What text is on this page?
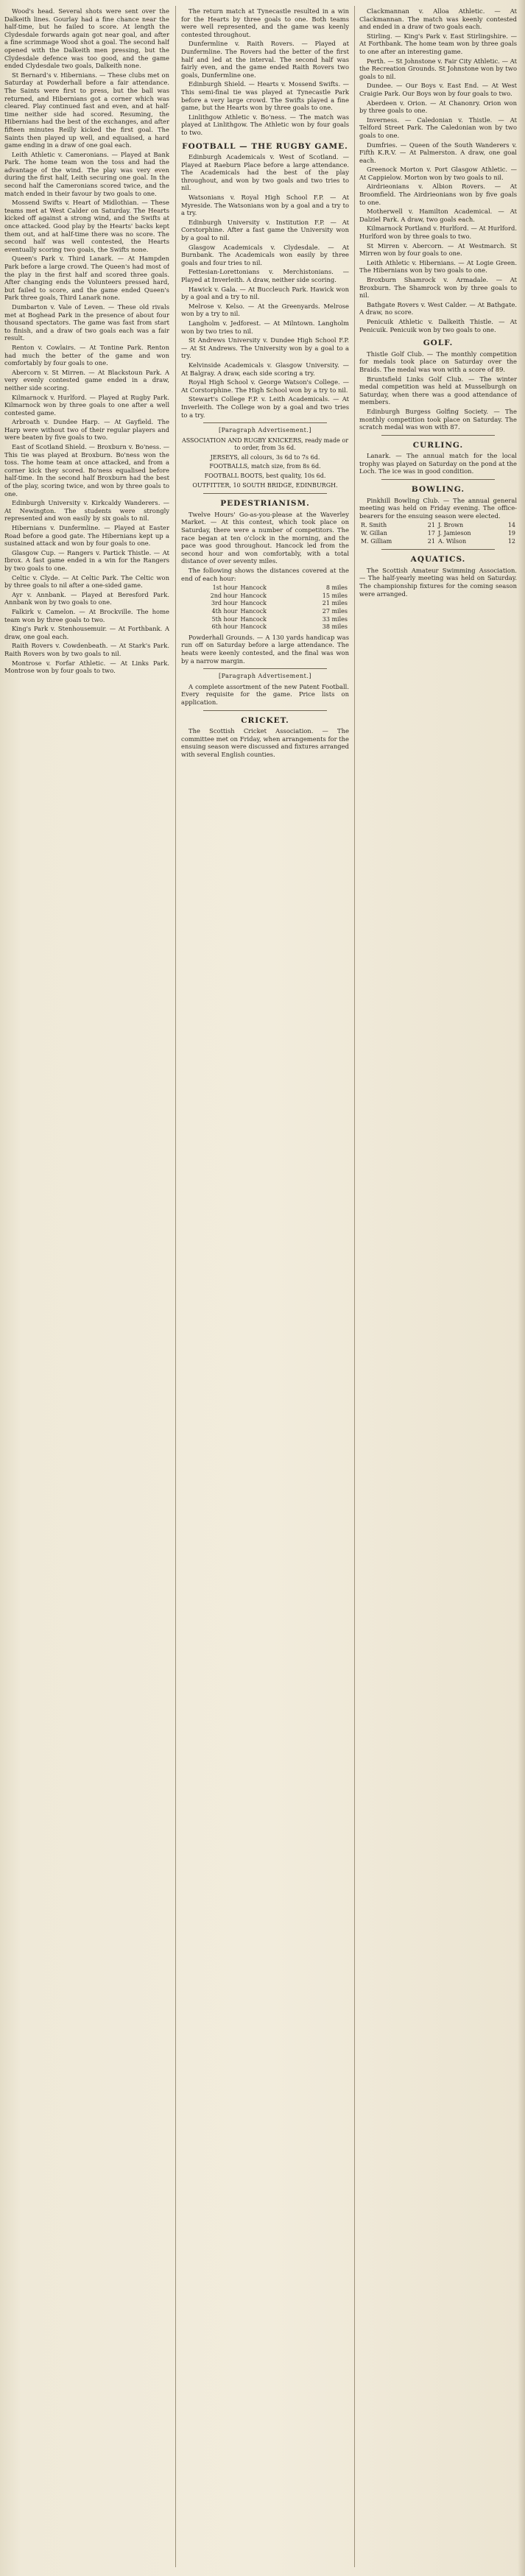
Wood's head. Several shots were sent over the Dalkeith lines. Gourlay had a fine chance near the half-time, but he failed to score. At length the Clydesdale forwards again got near goal, and after a fine scrimmage Wood shot a goal. The second half opened with the Dalkeith men pressing, but the Clydesdale defence was too good, and the game ended Clydesdale two goals, Dalkeith none.

St Bernard's v. Hibernians. — These clubs met on Saturday at Powderhall before a fair attendance. The Saints were first to press, but the ball was returned, and Hibernians got a corner which was cleared. Play continued fast and even, and at half-time neither side had scored. Resuming, the Hibernians had the best of the exchanges, and after fifteen minutes Reilly kicked the first goal. The Saints then played up well, and equalised, a hard game ending in a draw of one goal each.

Leith Athletic v. Cameronians. — Played at Bank Park. The home team won the toss and had the advantage of the wind. The play was very even during the first half, Leith securing one goal. In the second half the Cameronians scored twice, and the match ended in their favour by two goals to one.

Mossend Swifts v. Heart of Midlothian. — These teams met at West Calder on Saturday. The Hearts kicked off against a strong wind, and the Swifts at once attacked. Good play by the Hearts' backs kept them out, and at half-time there was no score. The second half was well contested, the Hearts eventually scoring two goals, the Swifts none.

Queen's Park v. Third Lanark. — At Hampden Park before a large crowd. The Queen's had most of the play in the first half and scored three goals. After changing ends the Volunteers pressed hard, but failed to score, and the game ended Queen's Park three goals, Third Lanark none.

Dumbarton v. Vale of Leven. — These old rivals met at Boghead Park in the presence of about four thousand spectators. The game was fast from start to finish, and a draw of two goals each was a fair result.

Renton v. Cowlairs. — At Tontine Park. Renton had much the better of the game and won comfortably by four goals to one.

Abercorn v. St Mirren. — At Blackstoun Park. A very evenly contested game ended in a draw, neither side scoring.

Kilmarnock v. Hurlford. — Played at Rugby Park. Kilmarnock won by three goals to one after a well contested game.

Arbroath v. Dundee Harp. — At Gayfield. The Harp were without two of their regular players and were beaten by five goals to two.

East of Scotland Shield. — Broxburn v. Bo'ness. — This tie was played at Broxburn. Bo'ness won the toss. The home team at once attacked, and from a corner kick they scored. Bo'ness equalised before half-time. In the second half Broxburn had the best of the play, scoring twice, and won by three goals to one.

Edinburgh University v. Kirkcaldy Wanderers. — At Newington. The students were strongly represented and won easily by six goals to nil.

Hibernians v. Dunfermline. — Played at Easter Road before a good gate. The Hibernians kept up a sustained attack and won by four goals to one.

Glasgow Cup. — Rangers v. Partick Thistle. — At Ibrox. A fast game ended in a win for the Rangers by two goals to one.

Celtic v. Clyde. — At Celtic Park. The Celtic won by three goals to nil after a one-sided game.

Ayr v. Annbank. — Played at Beresford Park. Annbank won by two goals to one.

Falkirk v. Camelon. — At Brockville. The home team won by three goals to two.

King's Park v. Stenhousemuir. — At Forthbank. A draw, one goal each.

Raith Rovers v. Cowdenbeath. — At Stark's Park. Raith Rovers won by two goals to nil.

Montrose v. Forfar Athletic. — At Links Park. Montrose won by four goals to two.

The return match at Tynecastle resulted in a win for the Hearts by three goals to one. Both teams were well represented, and the game was keenly contested throughout.

Dunfermline v. Raith Rovers. — Played at Dunfermline. The Rovers had the better of the first half and led at the interval. The second half was fairly even, and the game ended Raith Rovers two goals, Dunfermline one.

Edinburgh Shield. — Hearts v. Mossend Swifts. — This semi-final tie was played at Tynecastle Park before a very large crowd. The Swifts played a fine game, but the Hearts won by three goals to one.

Linlithgow Athletic v. Bo'ness. — The match was played at Linlithgow. The Athletic won by four goals to two.

FOOTBALL — THE RUGBY GAME.

Edinburgh Academicals v. West of Scotland. — Played at Raeburn Place before a large attendance. The Academicals had the best of the play throughout, and won by two goals and two tries to nil.

Watsonians v. Royal High School F.P. — At Myreside. The Watsonians won by a goal and a try to a try.

Edinburgh University v. Institution F.P. — At Corstorphine. After a fast game the University won by a goal to nil.

Glasgow Academicals v. Clydesdale. — At Burnbank. The Academicals won easily by three goals and four tries to nil.

Fettesian-Lorettonians v. Merchistonians. — Played at Inverleith. A draw, neither side scoring.

Hawick v. Gala. — At Buccleuch Park. Hawick won by a goal and a try to nil.

Melrose v. Kelso. — At the Greenyards. Melrose won by a try to nil.

Langholm v. Jedforest. — At Milntown. Langholm won by two tries to nil.

St Andrews University v. Dundee High School F.P. — At St Andrews. The University won by a goal to a try.

Kelvinside Academicals v. Glasgow University. — At Balgray. A draw, each side scoring a try.

Royal High School v. George Watson's College. — At Corstorphine. The High School won by a try to nil.

Stewart's College F.P. v. Leith Academicals. — At Inverleith. The College won by a goal and two tries to a try.

[Paragraph Advertisement.]

ASSOCIATION AND RUGBY KNICKERS, ready made or to order, from 3s 6d.

JERSEYS, all colours, 3s 6d to 7s 6d.

FOOTBALLS, match size, from 8s 6d.

FOOTBALL BOOTS, best quality, 10s 6d.

OUTFITTER, 10 SOUTH BRIDGE, EDINBURGH.

PEDESTRIANISM.

Twelve Hours' Go-as-you-please at the Waverley Market. — At this contest, which took place on Saturday, there were a number of competitors. The race began at ten o'clock in the morning, and the pace was good throughout. Hancock led from the second hour and won comfortably, with a total distance of over seventy miles.

The following shows the distances covered at the end of each hour:

1st hour	Hancock	8 miles
2nd hour	Hancock	15 miles
3rd hour	Hancock	21 miles
4th hour	Hancock	27 miles
5th hour	Hancock	33 miles
6th hour	Hancock	38 miles

Powderhall Grounds. — A 130 yards handicap was run off on Saturday before a large attendance. The heats were keenly contested, and the final was won by a narrow margin.

[Paragraph Advertisement.]

A complete assortment of the new Patent Football. Every requisite for the game. Price lists on application.

CRICKET.

The Scottish Cricket Association. — The committee met on Friday, when arrangements for the ensuing season were discussed and fixtures arranged with several English counties.

Clackmannan v. Alloa Athletic. — At Clackmannan. The match was keenly contested and ended in a draw of two goals each.

Stirling. — King's Park v. East Stirlingshire. — At Forthbank. The home team won by three goals to one after an interesting game.

Perth. — St Johnstone v. Fair City Athletic. — At the Recreation Grounds. St Johnstone won by two goals to nil.

Dundee. — Our Boys v. East End. — At West Craigie Park. Our Boys won by four goals to two.

Aberdeen v. Orion. — At Chanonry. Orion won by three goals to one.

Inverness. — Caledonian v. Thistle. — At Telford Street Park. The Caledonian won by two goals to one.

Dumfries. — Queen of the South Wanderers v. Fifth K.R.V. — At Palmerston. A draw, one goal each.

Greenock Morton v. Port Glasgow Athletic. — At Cappielow. Morton won by two goals to nil.

Airdrieonians v. Albion Rovers. — At Broomfield. The Airdrieonians won by five goals to one.

Motherwell v. Hamilton Academical. — At Dalziel Park. A draw, two goals each.

Kilmarnock Portland v. Hurlford. — At Hurlford. Hurlford won by three goals to two.

St Mirren v. Abercorn. — At Westmarch. St Mirren won by four goals to one.

Leith Athletic v. Hibernians. — At Logie Green. The Hibernians won by two goals to one.

Broxburn Shamrock v. Armadale. — At Broxburn. The Shamrock won by three goals to nil.

Bathgate Rovers v. West Calder. — At Bathgate. A draw, no score.

Penicuik Athletic v. Dalkeith Thistle. — At Penicuik. Penicuik won by two goals to one.

GOLF.

Thistle Golf Club. — The monthly competition for medals took place on Saturday over the Braids. The medal was won with a score of 89.

Bruntsfield Links Golf Club. — The winter medal competition was held at Musselburgh on Saturday, when there was a good attendance of members.

Edinburgh Burgess Golfing Society. — The monthly competition took place on Saturday. The scratch medal was won with 87.

CURLING.

Lanark. — The annual match for the local trophy was played on Saturday on the pond at the Loch. The ice was in good condition.

BOWLING.

Pinkhill Bowling Club. — The annual general meeting was held on Friday evening. The office-bearers for the ensuing season were elected.

R. Smith	21	J. Brown	14
W. Gillan	17	J. Jamieson	19
M. Gilliam	21	A. Wilson	12

AQUATICS.

The Scottish Amateur Swimming Association. — The half-yearly meeting was held on Saturday. The championship fixtures for the coming season were arranged.
